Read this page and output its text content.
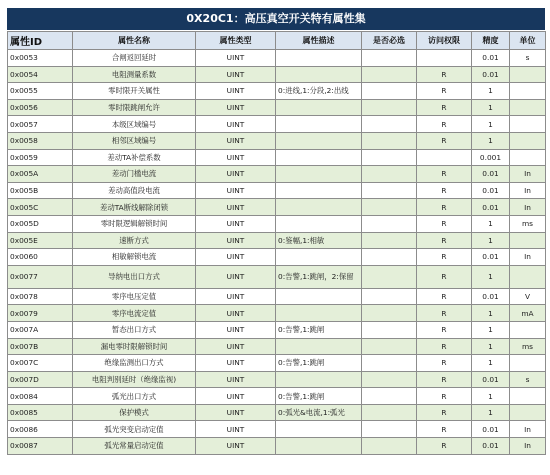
0X20C1：高压真空开关特有属性集
属性ID	属性名称	属性类型	属性描述	是否必选	访问权限	精度	单位
0x0053	合闸返回延时	UINT				0.01	s
0x0054	电阻测量系数	UINT			R	0.01	
0x0055	零时限开关属性	UINT	0:进线,1:分段,2:出线		R	1	
0x0056	零时限跳闸允许	UINT			R	1	
0x0057	本级区域编号	UINT			R	1	
0x0058	相邻区域编号	UINT			R	1	
0x0059	差动TA补偿系数	UINT				0.001	
0x005A	差动门槛电流	UINT			R	0.01	In
0x005B	差动高值段电流	UINT			R	0.01	In
0x005C	差动TA断线解除闭锁	UINT			R	0.01	In
0x005D	零时限逻辑解锁时间	UINT			R	1	ms
0x005E	速断方式	UINT	0:鉴幅,1:相敏		R	1	
0x0060	相敏解锁电流	UINT			R	0.01	In
0x0077	导纳电出口方式	UINT	0:告警,1:跳闸，2:保留		R	1	
0x0078	零序电压定值	UINT			R	0.01	V
0x0079	零序电流定值	UINT			R	1	mA
0x007A	暂态出口方式	UINT	0:告警,1:跳闸		R	1	
0x007B	漏电零时限解锁时间	UINT			R	1	ms
0x007C	绝缘监测出口方式	UINT	0:告警,1:跳闸		R	1	
0x007D	电阻判别延时（绝缘监视)	UINT			R	0.01	s
0x0084	弧光出口方式	UINT	0:告警,1:跳闸		R	1	
0x0085	保护模式	UINT	0:弧光&电流,1:弧光		R	1	
0x0086	弧光突变启动定值	UINT			R	0.01	In
0x0087	弧光常量启动定值	UINT			R	0.01	In
